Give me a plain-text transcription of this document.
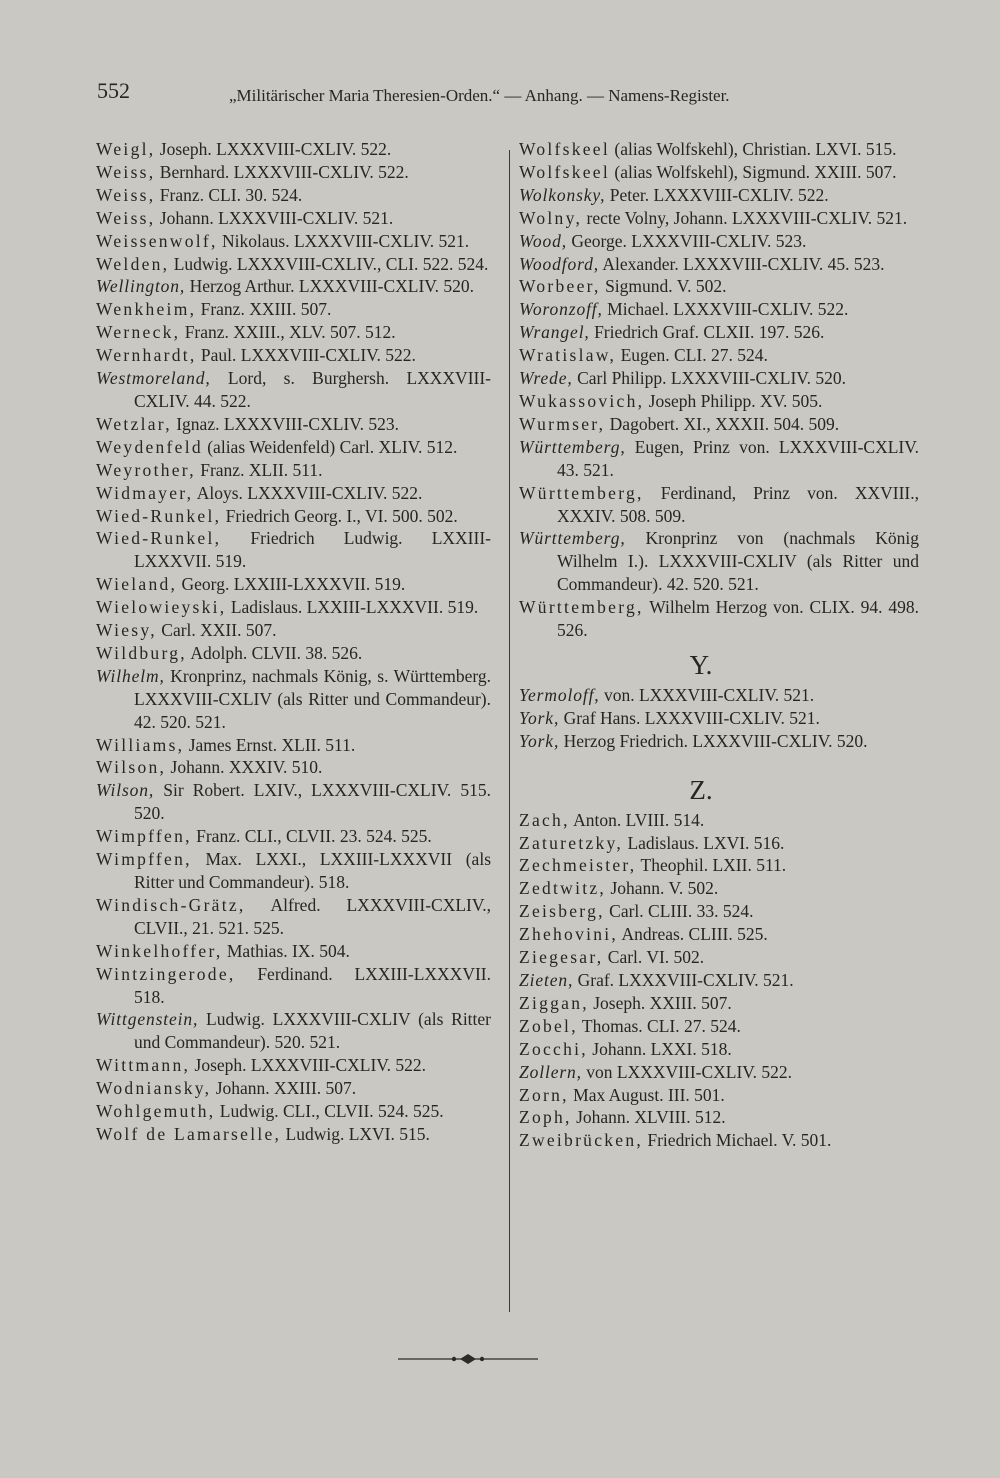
552	„Militärischer Maria Theresien-Orden.“ — Anhang. — Namens-Register.

Weigl, Joseph. LXXXVIII-CXLIV. 522.

Weiss, Bernhard. LXXXVIII-CXLIV. 522.

Weiss, Franz. CLI. 30. 524.

Weiss, Johann. LXXXVIII-CXLIV. 521.

Weissenwolf, Nikolaus. LXXXVIII-CXLIV. 521.

Welden, Ludwig. LXXXVIII-CXLIV., CLI. 522. 524.

Wellington, Herzog Arthur. LXXXVIII-CXLIV. 520.

Wenkheim, Franz. XXIII. 507.

Werneck, Franz. XXIII., XLV. 507. 512.

Wernhardt, Paul. LXXXVIII-CXLIV. 522.

Westmoreland, Lord, s. Burghersh. LXXXVIII-CXLIV. 44. 522.

Wetzlar, Ignaz. LXXXVIII-CXLIV. 523.

Weydenfeld (alias Weidenfeld) Carl. XLIV. 512.

Weyrother, Franz. XLII. 511.

Widmayer, Aloys. LXXXVIII-CXLIV. 522.

Wied-Runkel, Friedrich Georg. I., VI. 500. 502.

Wied-Runkel, Friedrich Ludwig. LXXIII-LXXXVII. 519.

Wieland, Georg. LXXIII-LXXXVII. 519.

Wielowieyski, Ladislaus. LXXIII-LXXXVII. 519.

Wiesy, Carl. XXII. 507.

Wildburg, Adolph. CLVII. 38. 526.

Wilhelm, Kronprinz, nachmals König, s. Württemberg. LXXXVIII-CXLIV (als Ritter und Commandeur). 42. 520. 521.

Williams, James Ernst. XLII. 511.

Wilson, Johann. XXXIV. 510.

Wilson, Sir Robert. LXIV., LXXXVIII-CXLIV. 515. 520.

Wimpffen, Franz. CLI., CLVII. 23. 524. 525.

Wimpffen, Max. LXXI., LXXIII-LXXXVII (als Ritter und Commandeur). 518.

Windisch-Grätz, Alfred. LXXXVIII-CXLIV., CLVII., 21. 521. 525.

Winkelhoffer, Mathias. IX. 504.

Wintzingerode, Ferdinand. LXXIII-LXXXVII. 518.

Wittgenstein, Ludwig. LXXXVIII-CXLIV (als Ritter und Commandeur). 520. 521.

Wittmann, Joseph. LXXXVIII-CXLIV. 522.

Wodniansky, Johann. XXIII. 507.

Wohlgemuth, Ludwig. CLI., CLVII. 524. 525.

Wolf de Lamarselle, Ludwig. LXVI. 515.

Wolfskeel (alias Wolfskehl), Christian. LXVI. 515.

Wolfskeel (alias Wolfskehl), Sigmund. XXIII. 507.

Wolkonsky, Peter. LXXXVIII-CXLIV. 522.

Wolny, recte Volny, Johann. LXXXVIII-CXLIV. 521.

Wood, George. LXXXVIII-CXLIV. 523.

Woodford, Alexander. LXXXVIII-CXLIV. 45. 523.

Worbeer, Sigmund. V. 502.

Woronzoff, Michael. LXXXVIII-CXLIV. 522.

Wrangel, Friedrich Graf. CLXII. 197. 526.

Wratislaw, Eugen. CLI. 27. 524.

Wrede, Carl Philipp. LXXXVIII-CXLIV. 520.

Wukassovich, Joseph Philipp. XV. 505.

Wurmser, Dagobert. XI., XXXII. 504. 509.

Württemberg, Eugen, Prinz von. LXXXVIII-CXLIV. 43. 521.

Württemberg, Ferdinand, Prinz von. XXVIII., XXXIV. 508. 509.

Württemberg, Kronprinz von (nachmals König Wilhelm I.). LXXXVIII-CXLIV (als Ritter und Commandeur). 42. 520. 521.

Württemberg, Wilhelm Herzog von. CLIX. 94. 498. 526.

Y.

Yermoloff, von. LXXXVIII-CXLIV. 521.

York, Graf Hans. LXXXVIII-CXLIV. 521.

York, Herzog Friedrich. LXXXVIII-CXLIV. 520.

Z.

Zach, Anton. LVIII. 514.

Zaturetzky, Ladislaus. LXVI. 516.

Zechmeister, Theophil. LXII. 511.

Zedtwitz, Johann. V. 502.

Zeisberg, Carl. CLIII. 33. 524.

Zhehovini, Andreas. CLIII. 525.

Ziegesar, Carl. VI. 502.

Zieten, Graf. LXXXVIII-CXLIV. 521.

Ziggan, Joseph. XXIII. 507.

Zobel, Thomas. CLI. 27. 524.

Zocchi, Johann. LXXI. 518.

Zollern, von LXXXVIII-CXLIV. 522.

Zorn, Max August. III. 501.

Zoph, Johann. XLVIII. 512.

Zweibrücken, Friedrich Michael. V. 501.
